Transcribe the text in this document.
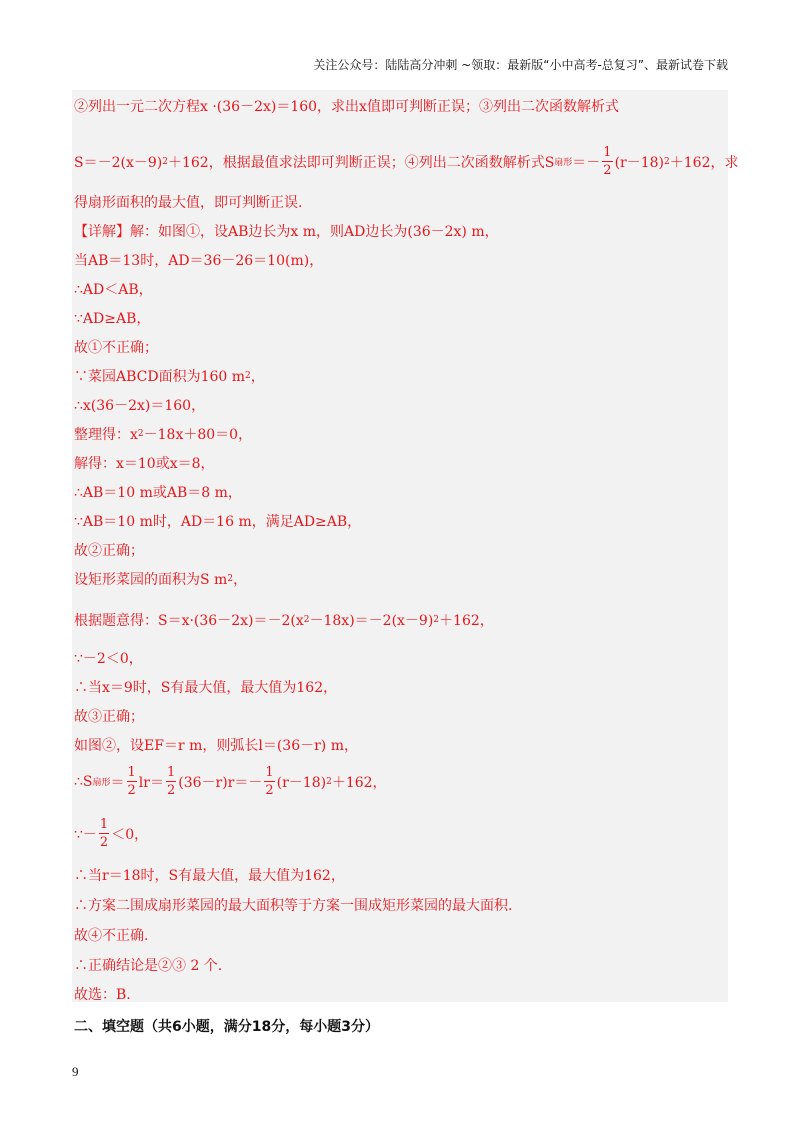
关注公众号：陆陆高分冲刺 ~领取：最新版“小中高考-总复习”、最新试卷下载
②列出一元二次方程x ·(36－2x)＝160，求出x值即可判断正误；③列出二次函数解析式
S＝－2(x－9) 2 ＋162，根据最值求法即可判断正误；④列出二次函数解析式S 扇形 ＝－ $\frac{1}{2} (r-18)$ 2 ＋162，求
得扇形面积的最大值，即可判断正误.
【详解】解：如图①，设AB边长为x m，则AD边长为(36－2x) m，
当AB＝13时，AD＝36－26＝10(m)，
∴AD＜AB，
∵AD≥AB，
故①不正确；
∵菜园ABCD面积为160 m 2 ，
∴x(36－2x)＝160，
整理得：x 2 －18x＋80＝0，
解得：x＝10或x＝8，
∴AB＝10 m或AB＝8 m，
∵AB＝10 m时，AD＝16 m，满足AD≥AB，
故②正确；
设矩形菜园的面积为S m 2 ，
根据题意得：S＝x·(36－2x)＝－2(x 2 －18x)＝－2(x－9) 2 ＋162，
∵－2＜0，
∴当x＝9时，S有最大值，最大值为162，
故③正确；
如图②，设EF＝r m，则弧长l＝(36－r) m，
∴S 扇形 ＝ $\frac{1}{2} lr= \frac{1}{2} (36-r)r=- \frac{1}{2} (r-18)$ 2 ＋162，
∵－ $\frac{1}{2} <0$，
∴当r＝18时，S有最大值，最大值为162，
∴方案二围成扇形菜园的最大面积等于方案一围成矩形菜园的最大面积.
故④不正确.
∴正确结论是②③ 2 个.
故选：B.
二、填空题（共6小题，满分18分，每小题3分）
9
